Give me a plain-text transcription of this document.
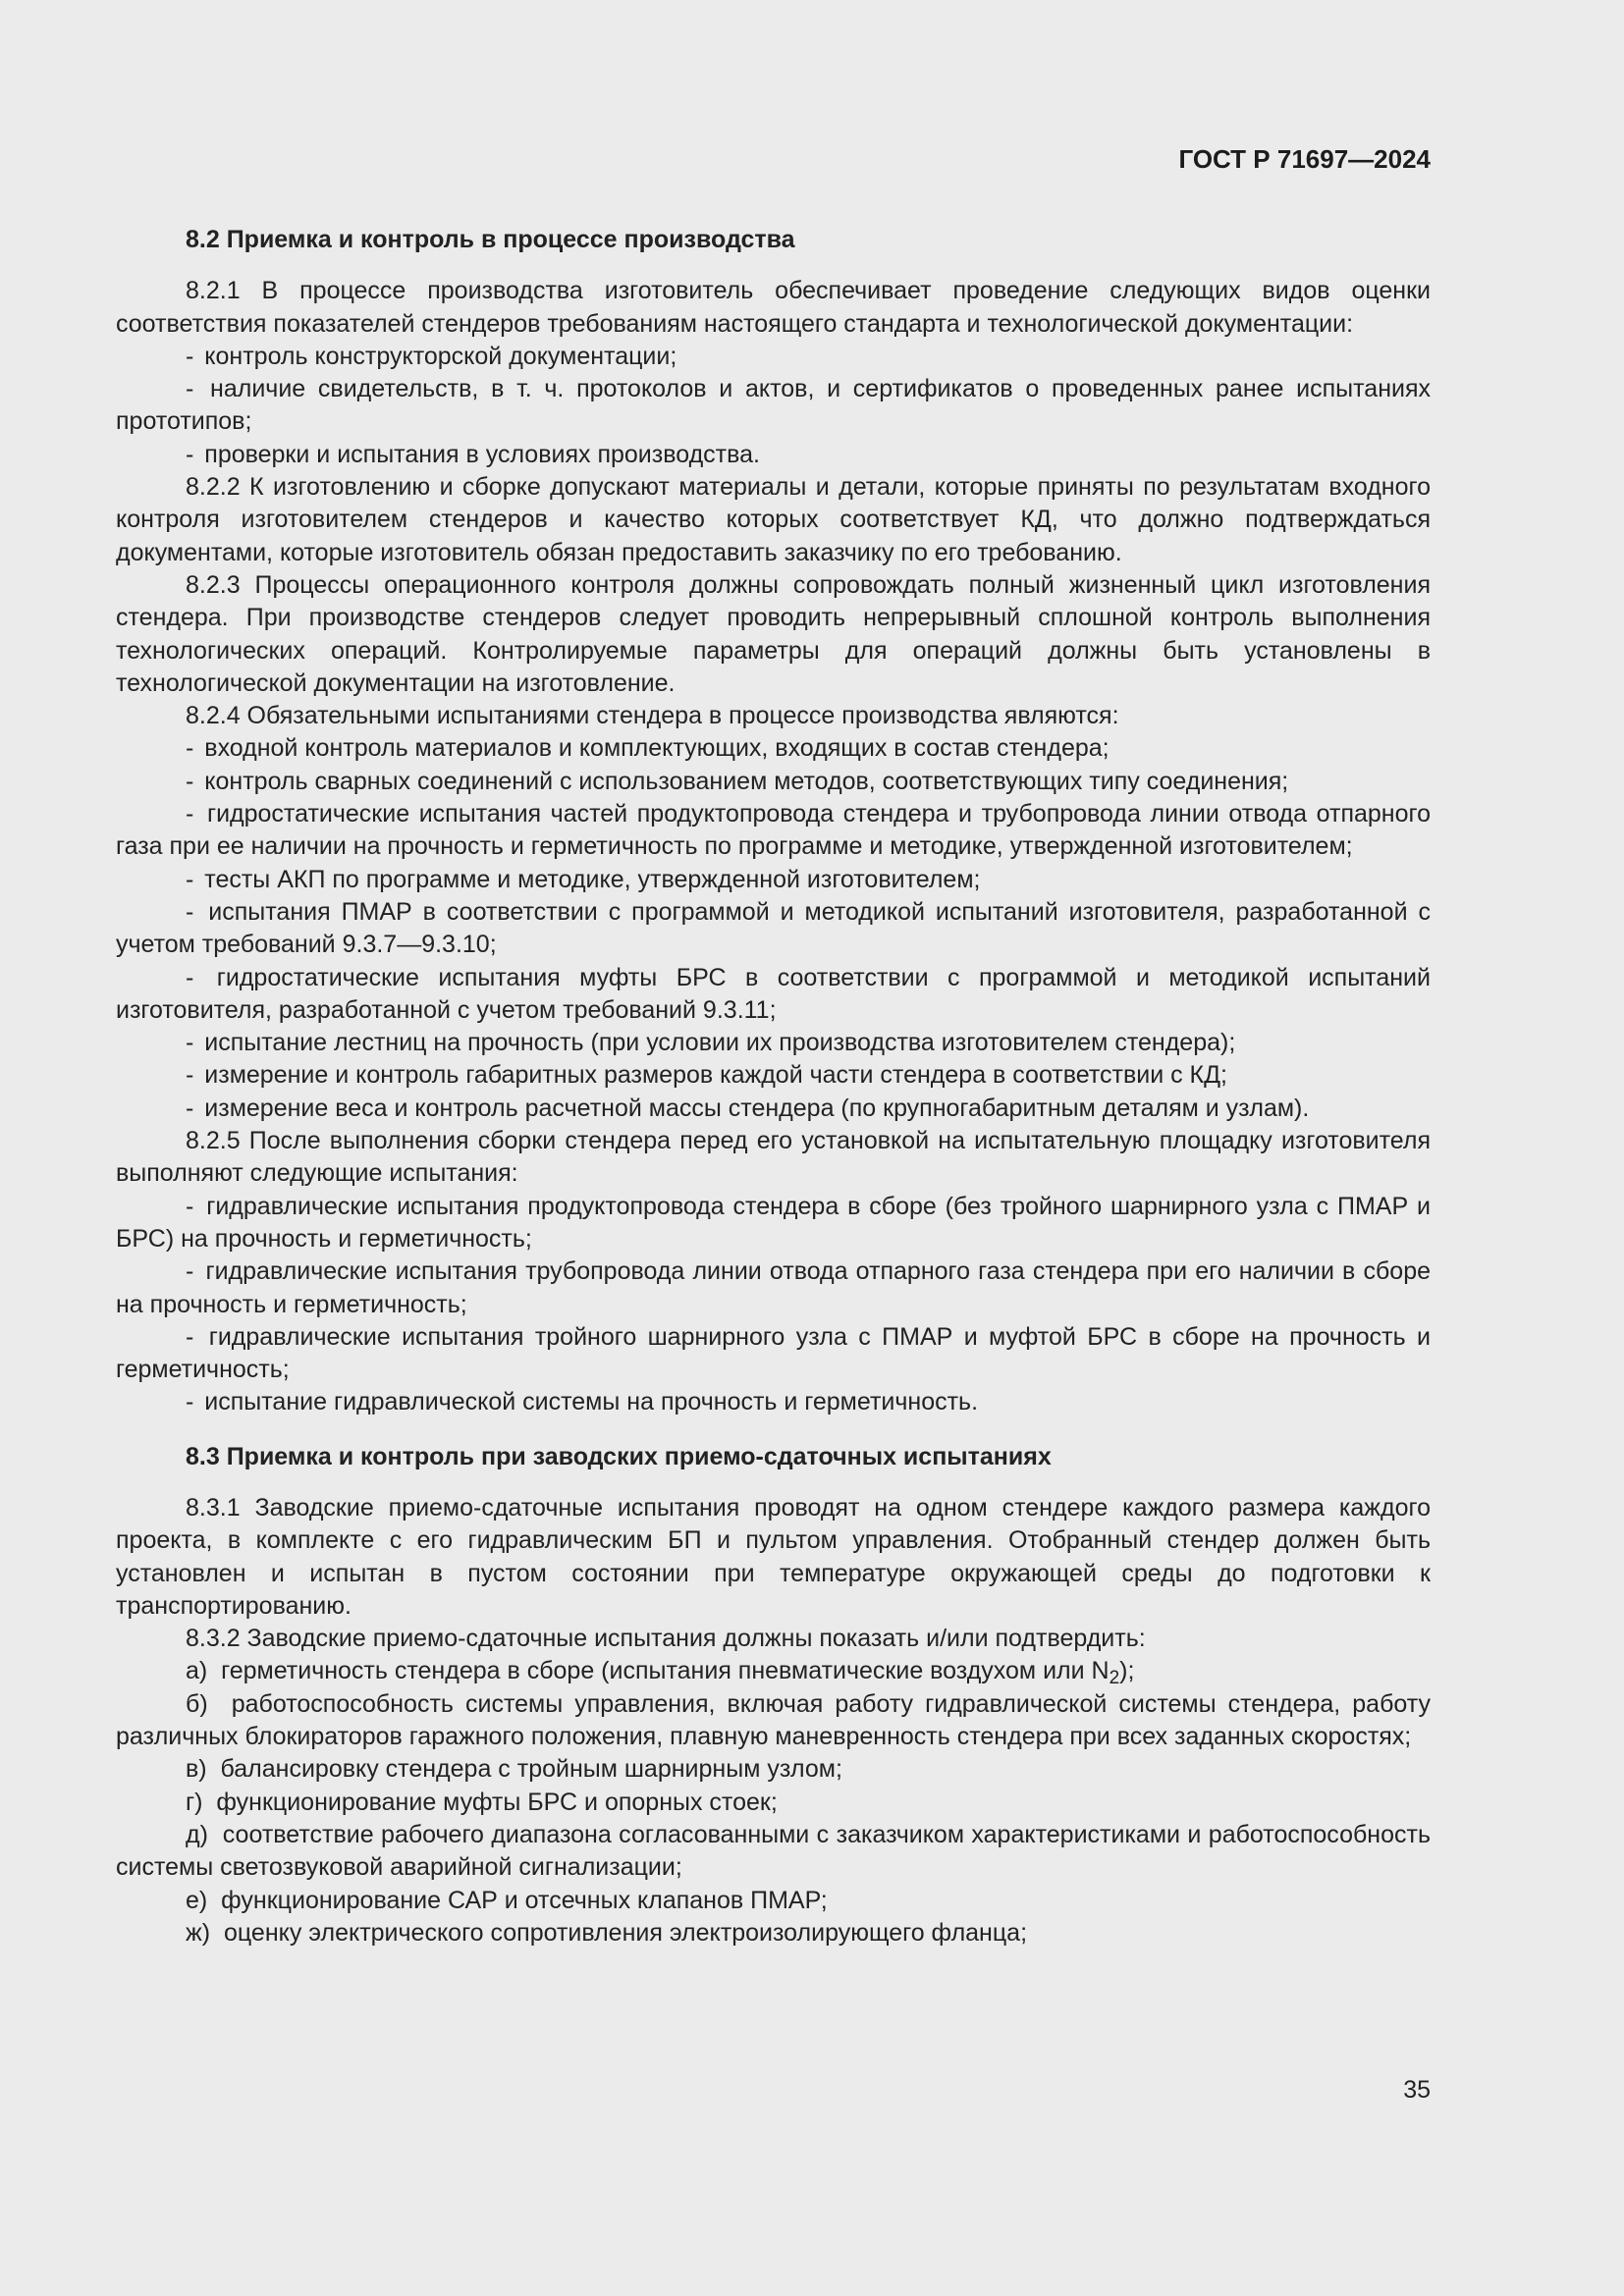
ГОСТ Р 71697—2024

8.2 Приемка и контроль в процессе производства

8.2.1 В процессе производства изготовитель обеспечивает проведение следующих видов оценки соответствия показателей стендеров требованиям настоящего стандарта и технологической документации:

- контроль конструкторской документации;

- наличие свидетельств, в т. ч. протоколов и актов, и сертификатов о проведенных ранее испытаниях прототипов;

- проверки и испытания в условиях производства.

8.2.2 К изготовлению и сборке допускают материалы и детали, которые приняты по результатам входного контроля изготовителем стендеров и качество которых соответствует КД, что должно подтверждаться документами, которые изготовитель обязан предоставить заказчику по его требованию.

8.2.3 Процессы операционного контроля должны сопровождать полный жизненный цикл изготовления стендера. При производстве стендеров следует проводить непрерывный сплошной контроль выполнения технологических операций. Контролируемые параметры для операций должны быть установлены в технологической документации на изготовление.

8.2.4 Обязательными испытаниями стендера в процессе производства являются:

- входной контроль материалов и комплектующих, входящих в состав стендера;

- контроль сварных соединений с использованием методов, соответствующих типу соединения;

- гидростатические испытания частей продуктопровода стендера и трубопровода линии отвода отпарного газа при ее наличии на прочность и герметичность по программе и методике, утвержденной изготовителем;

- тесты АКП по программе и методике, утвержденной изготовителем;

- испытания ПМАР в соответствии с программой и методикой испытаний изготовителя, разработанной с учетом требований 9.3.7—9.3.10;

- гидростатические испытания муфты БРС в соответствии с программой и методикой испытаний изготовителя, разработанной с учетом требований 9.3.11;

- испытание лестниц на прочность (при условии их производства изготовителем стендера);

- измерение и контроль габаритных размеров каждой части стендера в соответствии с КД;

- измерение веса и контроль расчетной массы стендера (по крупногабаритным деталям и узлам).

8.2.5 После выполнения сборки стендера перед его установкой на испытательную площадку изготовителя выполняют следующие испытания:

- гидравлические испытания продуктопровода стендера в сборе (без тройного шарнирного узла с ПМАР и БРС) на прочность и герметичность;

- гидравлические испытания трубопровода линии отвода отпарного газа стендера при его наличии в сборе на прочность и герметичность;

- гидравлические испытания тройного шарнирного узла с ПМАР и муфтой БРС в сборе на прочность и герметичность;

- испытание гидравлической системы на прочность и герметичность.

8.3 Приемка и контроль при заводских приемо-сдаточных испытаниях

8.3.1 Заводские приемо-сдаточные испытания проводят на одном стендере каждого размера каждого проекта, в комплекте с его гидравлическим БП и пультом управления. Отобранный стендер должен быть установлен и испытан в пустом состоянии при температуре окружающей среды до подготовки к транспортированию.

8.3.2 Заводские приемо-сдаточные испытания должны показать и/или подтвердить:

а) герметичность стендера в сборе (испытания пневматические воздухом или $N_2$);

б) работоспособность системы управления, включая работу гидравлической системы стендера, работу различных блокираторов гаражного положения, плавную маневренность стендера при всех заданных скоростях;

в) балансировку стендера с тройным шарнирным узлом;

г) функционирование муфты БРС и опорных стоек;

д) соответствие рабочего диапазона согласованными с заказчиком характеристиками и работоспособность системы светозвуковой аварийной сигнализации;

е) функционирование САР и отсечных клапанов ПМАР;

ж) оценку электрического сопротивления электроизолирующего фланца;

35
